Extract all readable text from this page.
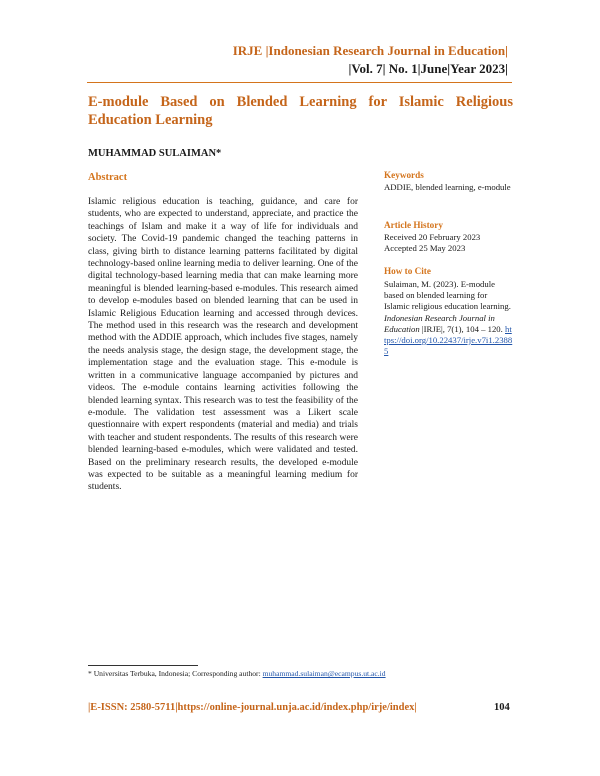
IRJE |Indonesian Research Journal in Education|
|Vol. 7| No. 1|June|Year 2023|
E-module Based on Blended Learning for Islamic Religious Education Learning
MUHAMMAD SULAIMAN*
Abstract
Islamic religious education is teaching, guidance, and care for students, who are expected to understand, appreciate, and practice the teachings of Islam and make it a way of life for individuals and society. The Covid-19 pandemic changed the teaching patterns in class, giving birth to distance learning patterns facilitated by digital technology-based online learning media to deliver learning. One of the digital technology-based learning media that can make learning more meaningful is blended learning-based e-modules. This research aimed to develop e-modules based on blended learning that can be used in Islamic Religious Education learning and accessed through devices. The method used in this research was the research and development method with the ADDIE approach, which includes five stages, namely the needs analysis stage, the design stage, the development stage, the implementation stage and the evaluation stage. This e-module is written in a communicative language accompanied by pictures and videos. The e-module contains learning activities following the blended learning syntax. This research was to test the feasibility of the e-module. The validation test assessment was a Likert scale questionnaire with expert respondents (material and media) and trials with teacher and student respondents. The results of this research were blended learning-based e-modules, which were validated and tested. Based on the preliminary research results, the developed e-module was expected to be suitable as a meaningful learning medium for students.
Keywords
ADDIE, blended learning, e-module
Article History
Received 20 February 2023
Accepted 25 May 2023
How to Cite
Sulaiman, M. (2023). E-module based on blended learning for Islamic religious education learning. Indonesian Research Journal in Education |IRJE|, 7(1), 104 – 120. https://doi.org/10.22437/irje.v7i1.23885
* Universitas Terbuka, Indonesia; Corresponding author: muhammad.sulaiman@ecampus.ut.ac.id
|E-ISSN: 2580-5711|https://online-journal.unja.ac.id/index.php/irje/index|	104
